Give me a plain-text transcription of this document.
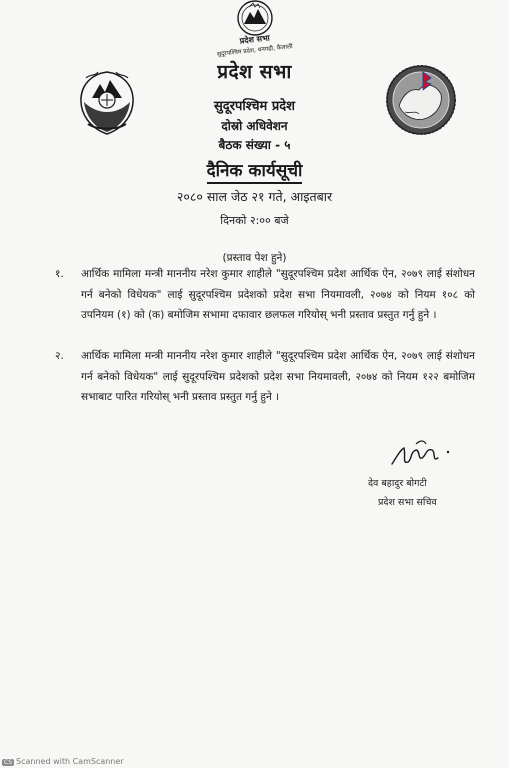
प्रदेश सभा
सुदूरपश्चिम प्रदेश, धनगढी, कैलाली
प्रदेश सभा
सुदूरपश्चिम प्रदेश
दोस्रो अधिवेशन
बैठक संख्या - ५
दैनिक कार्यसूची
२०८० साल जेठ २१ गते, आइतबार
दिनको २:०० बजे
(प्रस्ताव पेश हुने)
१. आर्थिक मामिला मन्त्री माननीय नरेश कुमार शाहीले "सुदूरपश्चिम प्रदेश आर्थिक ऐन, २०७९ लाई संशोधन गर्न बनेको विधेयक" लाई सुदूरपश्चिम प्रदेशको प्रदेश सभा नियमावली, २०७४ को नियम १०८ को उपनियम (१) को (क) बमोजिम सभामा दफावार छलफल गरियोस् भनी प्रस्ताव प्रस्तुत गर्नु हुने ।
२. आर्थिक मामिला मन्त्री माननीय नरेश कुमार शाहीले "सुदूरपश्चिम प्रदेश आर्थिक ऐन, २०७९ लाई संशोधन गर्न बनेको विधेयक" लाई सुदूरपश्चिम प्रदेशको प्रदेश सभा नियमावली, २०७४ को नियम १२२ बमोजिम सभाबाट पारित गरियोस् भनी प्रस्ताव प्रस्तुत गर्नु हुने ।
देव बहादुर बोगटी
प्रदेश सभा सचिव
CS Scanned with CamScanner
